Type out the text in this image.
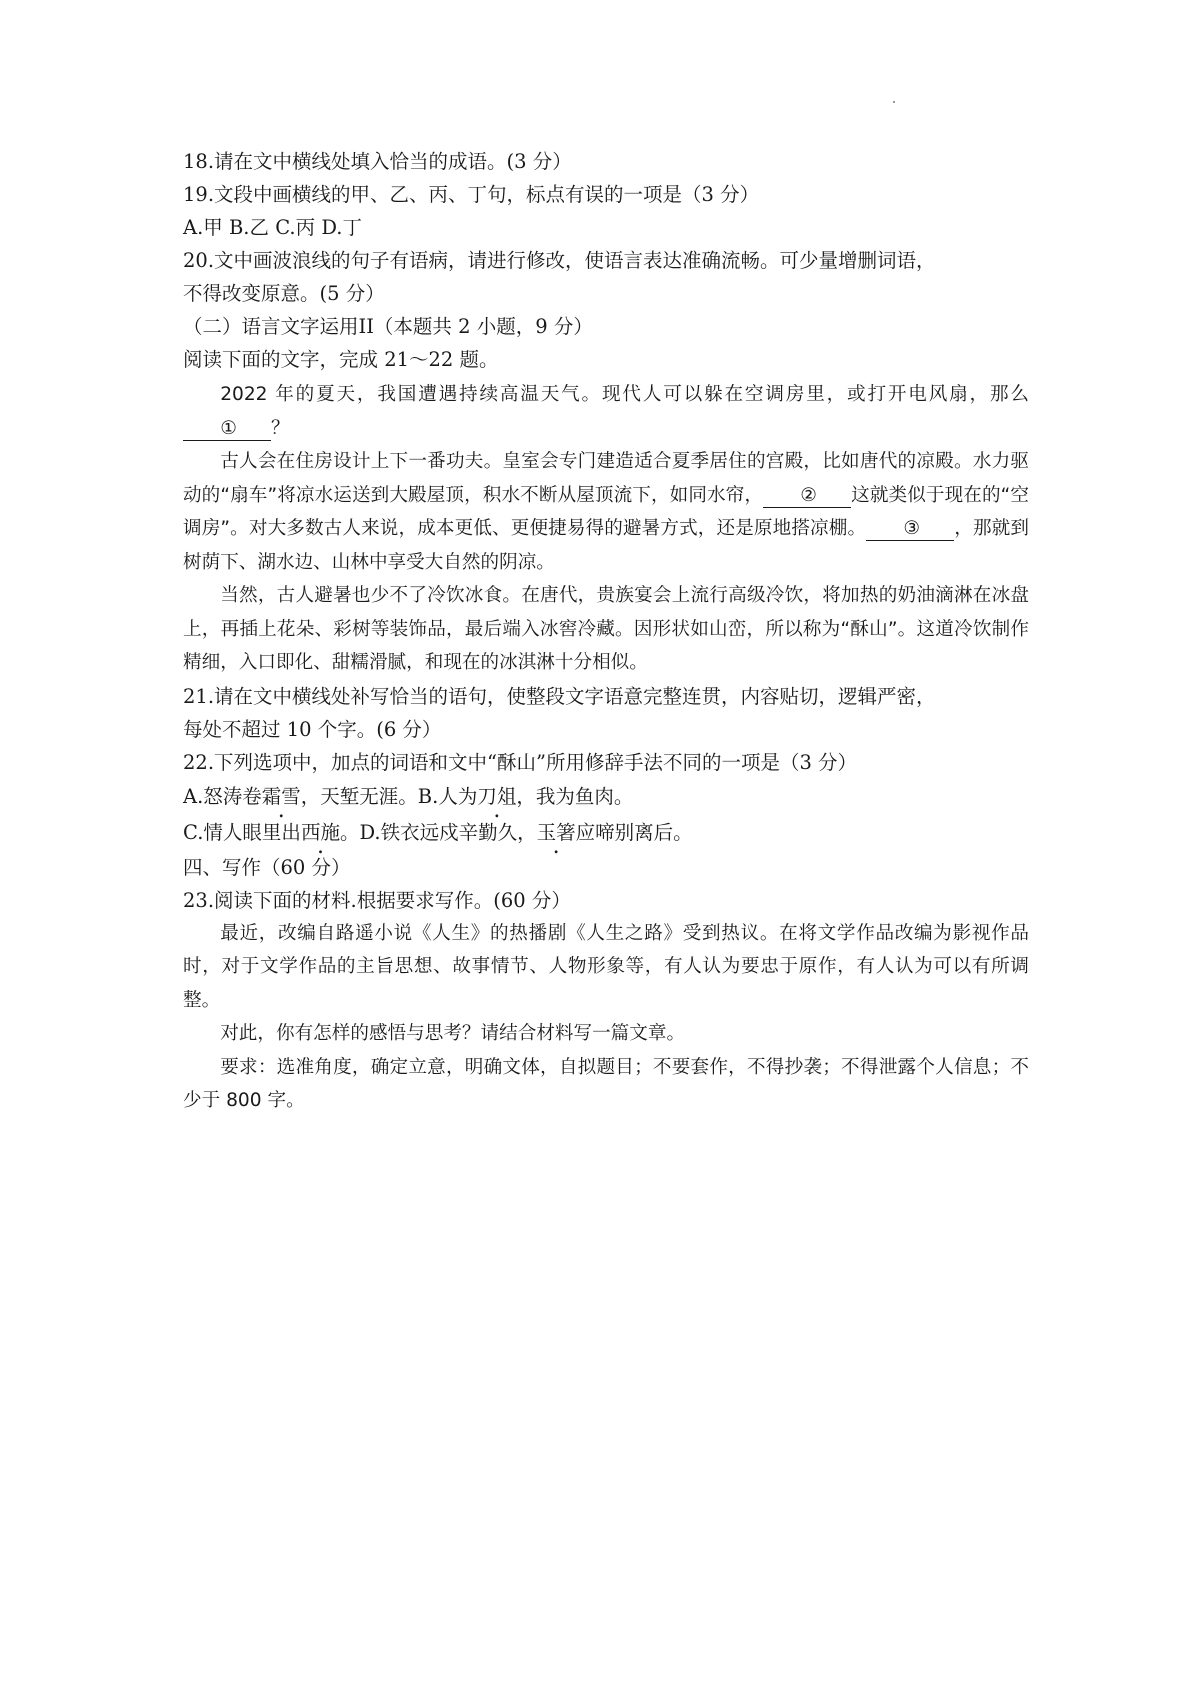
18.请在文中横线处填入恰当的成语。(3 分）
19.文段中画横线的甲、乙、丙、丁句，标点有误的一项是（3 分）
A.甲 B.乙 C.丙 D.丁
20.文中画波浪线的句子有语病，请进行修改，使语言表达准确流畅。可少量增删词语，
不得改变原意。(5 分）
（二）语言文字运用II（本题共 2 小题，9 分）
阅读下面的文字，完成 21～22 题。
2022 年的夏天，我国遭遇持续高温天气。现代人可以躲在空调房里，或打开电风扇，那么① ？
古人会在住房设计上下一番功夫。皇室会专门建造适合夏季居住的宫殿，比如唐代的凉殿。水力驱动的“扇车”将凉水运送到大殿屋顶，积水不断从屋顶流下，如同水帘， ② 这就类似于现在的“空调房”。对大多数古人来说，成本更低、更便捷易得的避暑方式，还是原地搭凉棚。 ③ ，那就到树荫下、湖水边、山林中享受大自然的阴凉。
当然，古人避暑也少不了冷饮冰食。在唐代，贵族宴会上流行高级冷饮，将加热的奶油滴淋在冰盘上，再插上花朵、彩树等装饰品，最后端入冰窖冷藏。因形状如山峦，所以称为“酥山”。这道冷饮制作精细，入口即化、甜糯滑腻，和现在的冰淇淋十分相似。
21.请在文中横线处补写恰当的语句，使整段文字语意完整连贯，内容贴切，逻辑严密，
每处不超过 10 个字。(6 分）
22.下列选项中，加点的词语和文中“酥山”所用修辞手法不同的一项是（3 分）
A.怒涛卷霜雪，天堑无涯。B.人为刀俎，我为鱼肉。
C.情人眼里出西施。D.铁衣远戍辛勤久，玉箸应啼别离后。
四、写作（60 分）
23.阅读下面的材料.根据要求写作。(60 分）
最近，改编自路遥小说《人生》的热播剧《人生之路》受到热议。在将文学作品改编为影视作品时，对于文学作品的主旨思想、故事情节、人物形象等，有人认为要忠于原作，有人认为可以有所调整。
对此，你有怎样的感悟与思考？请结合材料写一篇文章。
要求：选准角度，确定立意，明确文体，自拟题目；不要套作，不得抄袭；不得泄露个人信息；不少于 800 字。
